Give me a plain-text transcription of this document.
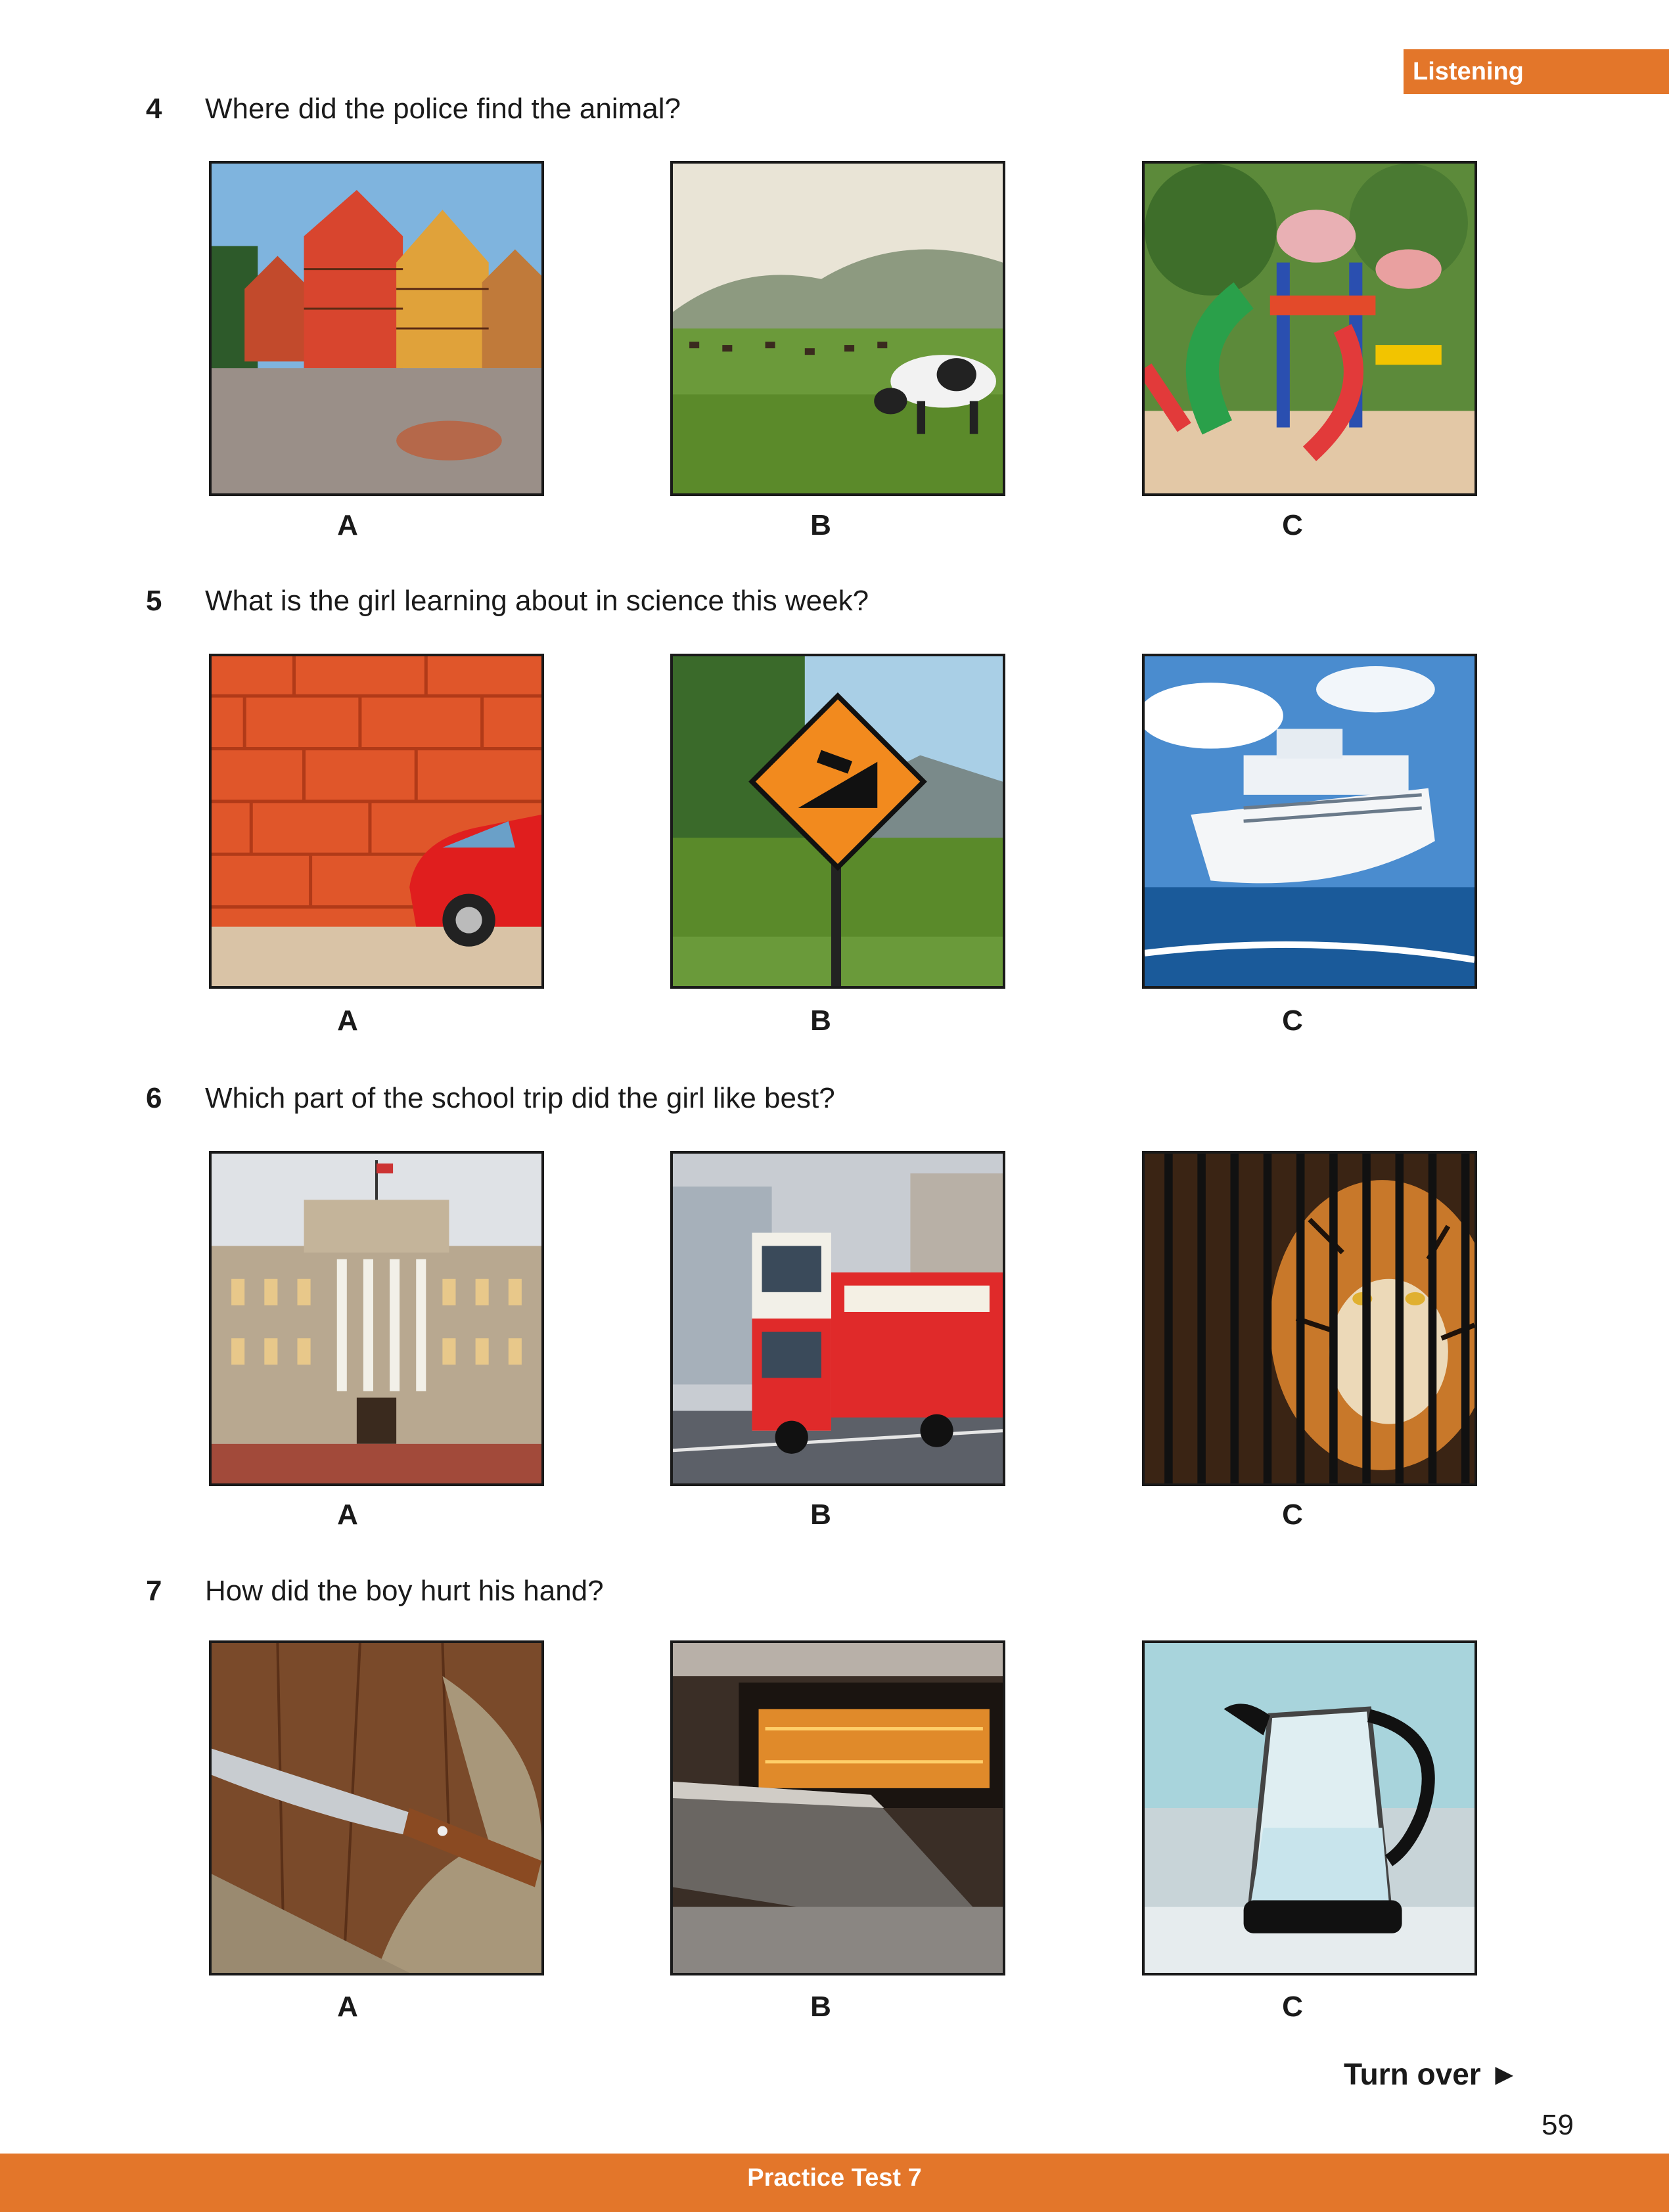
Listening
4 Where did the police find the animal?
A	B	C
5 What is the girl learning about in science this week?
A	B	C
6 Which part of the school trip did the girl like best?
A	B	C
7 How did the boy hurt his hand?
A	B	C
Turn over ►
59
Practice Test 7
